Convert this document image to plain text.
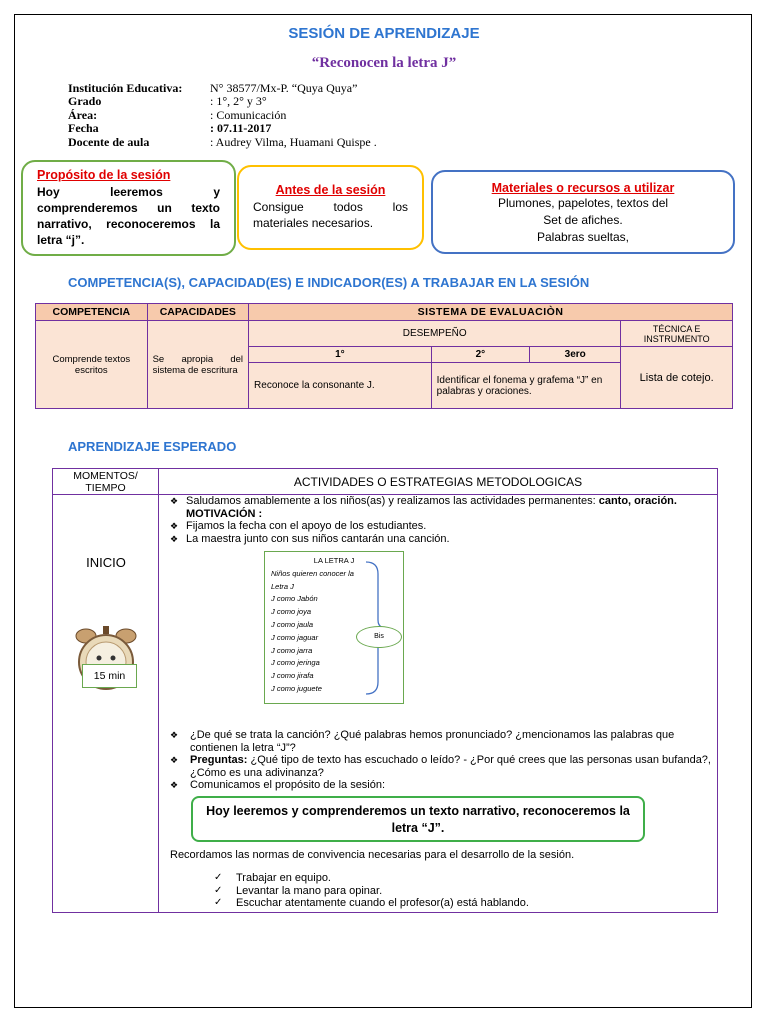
SESIÓN DE APRENDIZAJE
“Reconocen la letra J”
Institución Educativa:	N° 38577/Mx-P. “Quya Quya”
Grado	: 1°, 2° y 3°
Área:	: Comunicación
Fecha	: 07.11-2017
Docente de aula	: Audrey Vilma, Huamani Quispe .
Propósito de la sesión
Hoy leeremos y comprenderemos un texto narrativo, reconoceremos la letra “j”.
Antes de la sesión
Consigue todos los materiales necesarios.
Materiales o recursos a utilizar
Plumones, papelotes, textos del
Set de afiches.
Palabras sueltas,
COMPETENCIA(S), CAPACIDAD(ES) E INDICADOR(ES) A TRABAJAR EN LA SESIÓN
COMPETENCIA	CAPACIDADES	SISTEMA DE EVALUACIÒN			
Comprende textos escritos	Se apropia del sistema de escritura	DESEMPEÑO			TÉCNICA E INSTRUMENTO
		1°	2°	3ero	Lista de cotejo.
		Reconoce la consonante J.	Identificar el fonema y grafema “J” en palabras y oraciones.		
APRENDIZAJE ESPERADO
MOMENTOS/ TIEMPO	ACTIVIDADES O ESTRATEGIAS METODOLOGICAS

INICIO
15 min
❖ Saludamos amablemente a los niños(as) y realizamos las actividades permanentes: canto, oración.
MOTIVACIÓN :
❖ Fijamos la fecha con el apoyo de los estudiantes.
❖ La maestra junto con sus niños cantarán una canción.
LA LETRA J
Niños quieren conocer la
Letra J
J como Jabón
J como joya
J como jaula
J como jaguar
J como jarra
J como jeringa
J como jirafa
J como juguete
Bis
❖	¿De qué se trata la canción? ¿Qué palabras hemos pronunciado? ¿mencionamos las palabras que contienen la letra “J”?
❖	Preguntas: ¿Qué tipo de texto has escuchado o leído? - ¿Por qué crees que las personas usan bufanda?, ¿Cómo es una adivinanza?
❖	Comunicamos el propósito de la sesión:
Hoy leeremos y comprenderemos un texto narrativo, reconoceremos la letra “J”.
Recordamos las normas de convivencia necesarias para el desarrollo de la sesión.
✓	Trabajar en equipo.
✓	Levantar la mano para opinar.
✓	Escuchar atentamente cuando el profesor(a) está hablando.
